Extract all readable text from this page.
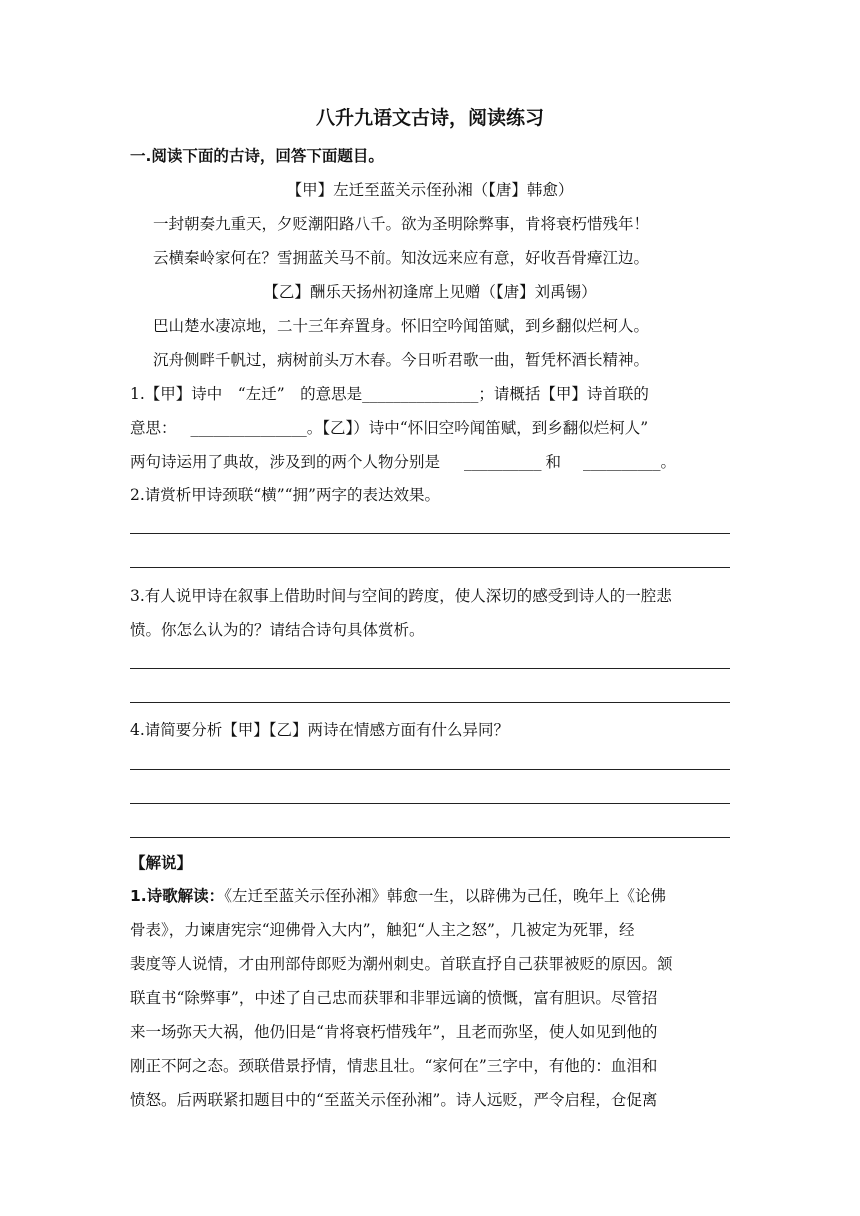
八升九语文古诗，阅读练习
一.阅读下面的古诗，回答下面题目。
【甲】左迁至蓝关示侄孙湘（【唐】韩愈）
一封朝奏九重天，夕贬潮阳路八千。欲为圣明除弊事，肯将衰朽惜残年！
云横秦岭家何在？雪拥蓝关马不前。知汝远来应有意，好收吾骨瘴江边。
【乙】酬乐天扬州初逢席上见赠（【唐】刘禹锡）
巴山楚水凄凉地，二十三年弃置身。怀旧空吟闻笛赋，到乡翻似烂柯人。
沉舟侧畔千帆过，病树前头万木春。今日听君歌一曲，暂凭杯酒长精神。
1.【甲】诗中　“左迁”　的意思是_______________；请概括【甲】诗首联的
意思： _______________。【乙】）诗中“怀旧空吟闻笛赋，到乡翻似烂柯人”
两句诗运用了典故，涉及到的两个人物分别是 __________ 和 __________。
2.请赏析甲诗颈联“横”“拥”两字的表达效果。
3.有人说甲诗在叙事上借助时间与空间的跨度，使人深切的感受到诗人的一腔悲
愤。你怎么认为的？请结合诗句具体赏析。
4.请简要分析【甲】【乙】两诗在情感方面有什么异同？
【解说】
1.诗歌解读：《左迁至蓝关示侄孙湘》韩愈一生，以辟佛为己任，晚年上《论佛
骨表》，力谏唐宪宗“迎佛骨入大内”，触犯“人主之怒”，几被定为死罪，经
裴度等人说情，才由刑部侍郎贬为潮州刺史。首联直抒自己获罪被贬的原因。颔
联直书“除弊事”，中述了自己忠而获罪和非罪远谪的愤慨，富有胆识。尽管招
来一场弥天大祸，他仍旧是“肯将衰朽惜残年”，且老而弥坚，使人如见到他的
刚正不阿之态。颈联借景抒情，情悲且壮。“家何在”三字中，有他的：血泪和
愤怒。后两联紧扣题目中的“至蓝关示侄孙湘”。诗人远贬，严令启程，仓促离
